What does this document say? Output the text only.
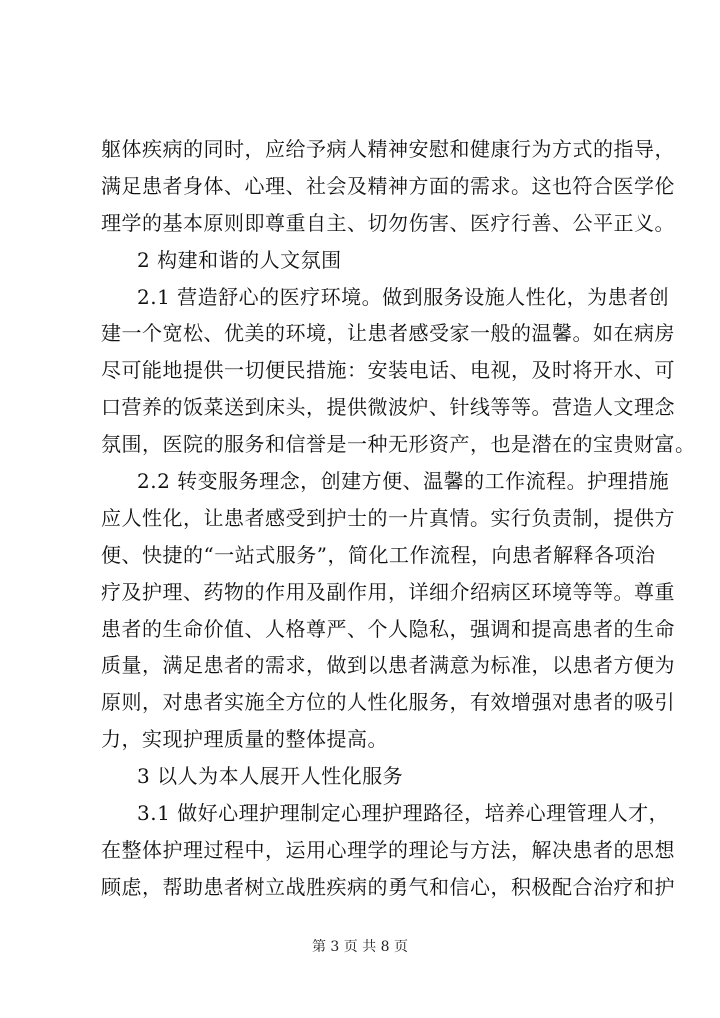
躯体疾病的同时，应给予病人精神安慰和健康行为方式的指导，
满足患者身体、心理、社会及精神方面的需求。这也符合医学伦
理学的基本原则即尊重自主、切勿伤害、医疗行善、公平正义。
2 构建和谐的人文氛围
2.1 营造舒心的医疗环境。做到服务设施人性化，为患者创
建一个宽松、优美的环境，让患者感受家一般的温馨。如在病房
尽可能地提供一切便民措施：安装电话、电视，及时将开水、可
口营养的饭菜送到床头，提供微波炉、针线等等。营造人文理念
氛围，医院的服务和信誉是一种无形资产，也是潜在的宝贵财富。
2.2 转变服务理念，创建方便、温馨的工作流程。护理措施
应人性化，让患者感受到护士的一片真情。实行负责制，提供方
便、快捷的“一站式服务”，简化工作流程，向患者解释各项治
疗及护理、药物的作用及副作用，详细介绍病区环境等等。尊重
患者的生命价值、人格尊严、个人隐私，强调和提高患者的生命
质量，满足患者的需求，做到以患者满意为标准，以患者方便为
原则，对患者实施全方位的人性化服务，有效增强对患者的吸引
力，实现护理质量的整体提高。
3 以人为本人展开人性化服务
3.1 做好心理护理制定心理护理路径，培养心理管理人才，
在整体护理过程中，运用心理学的理论与方法，解决患者的思想
顾虑，帮助患者树立战胜疾病的勇气和信心，积极配合治疗和护
第 3 页 共 8 页
